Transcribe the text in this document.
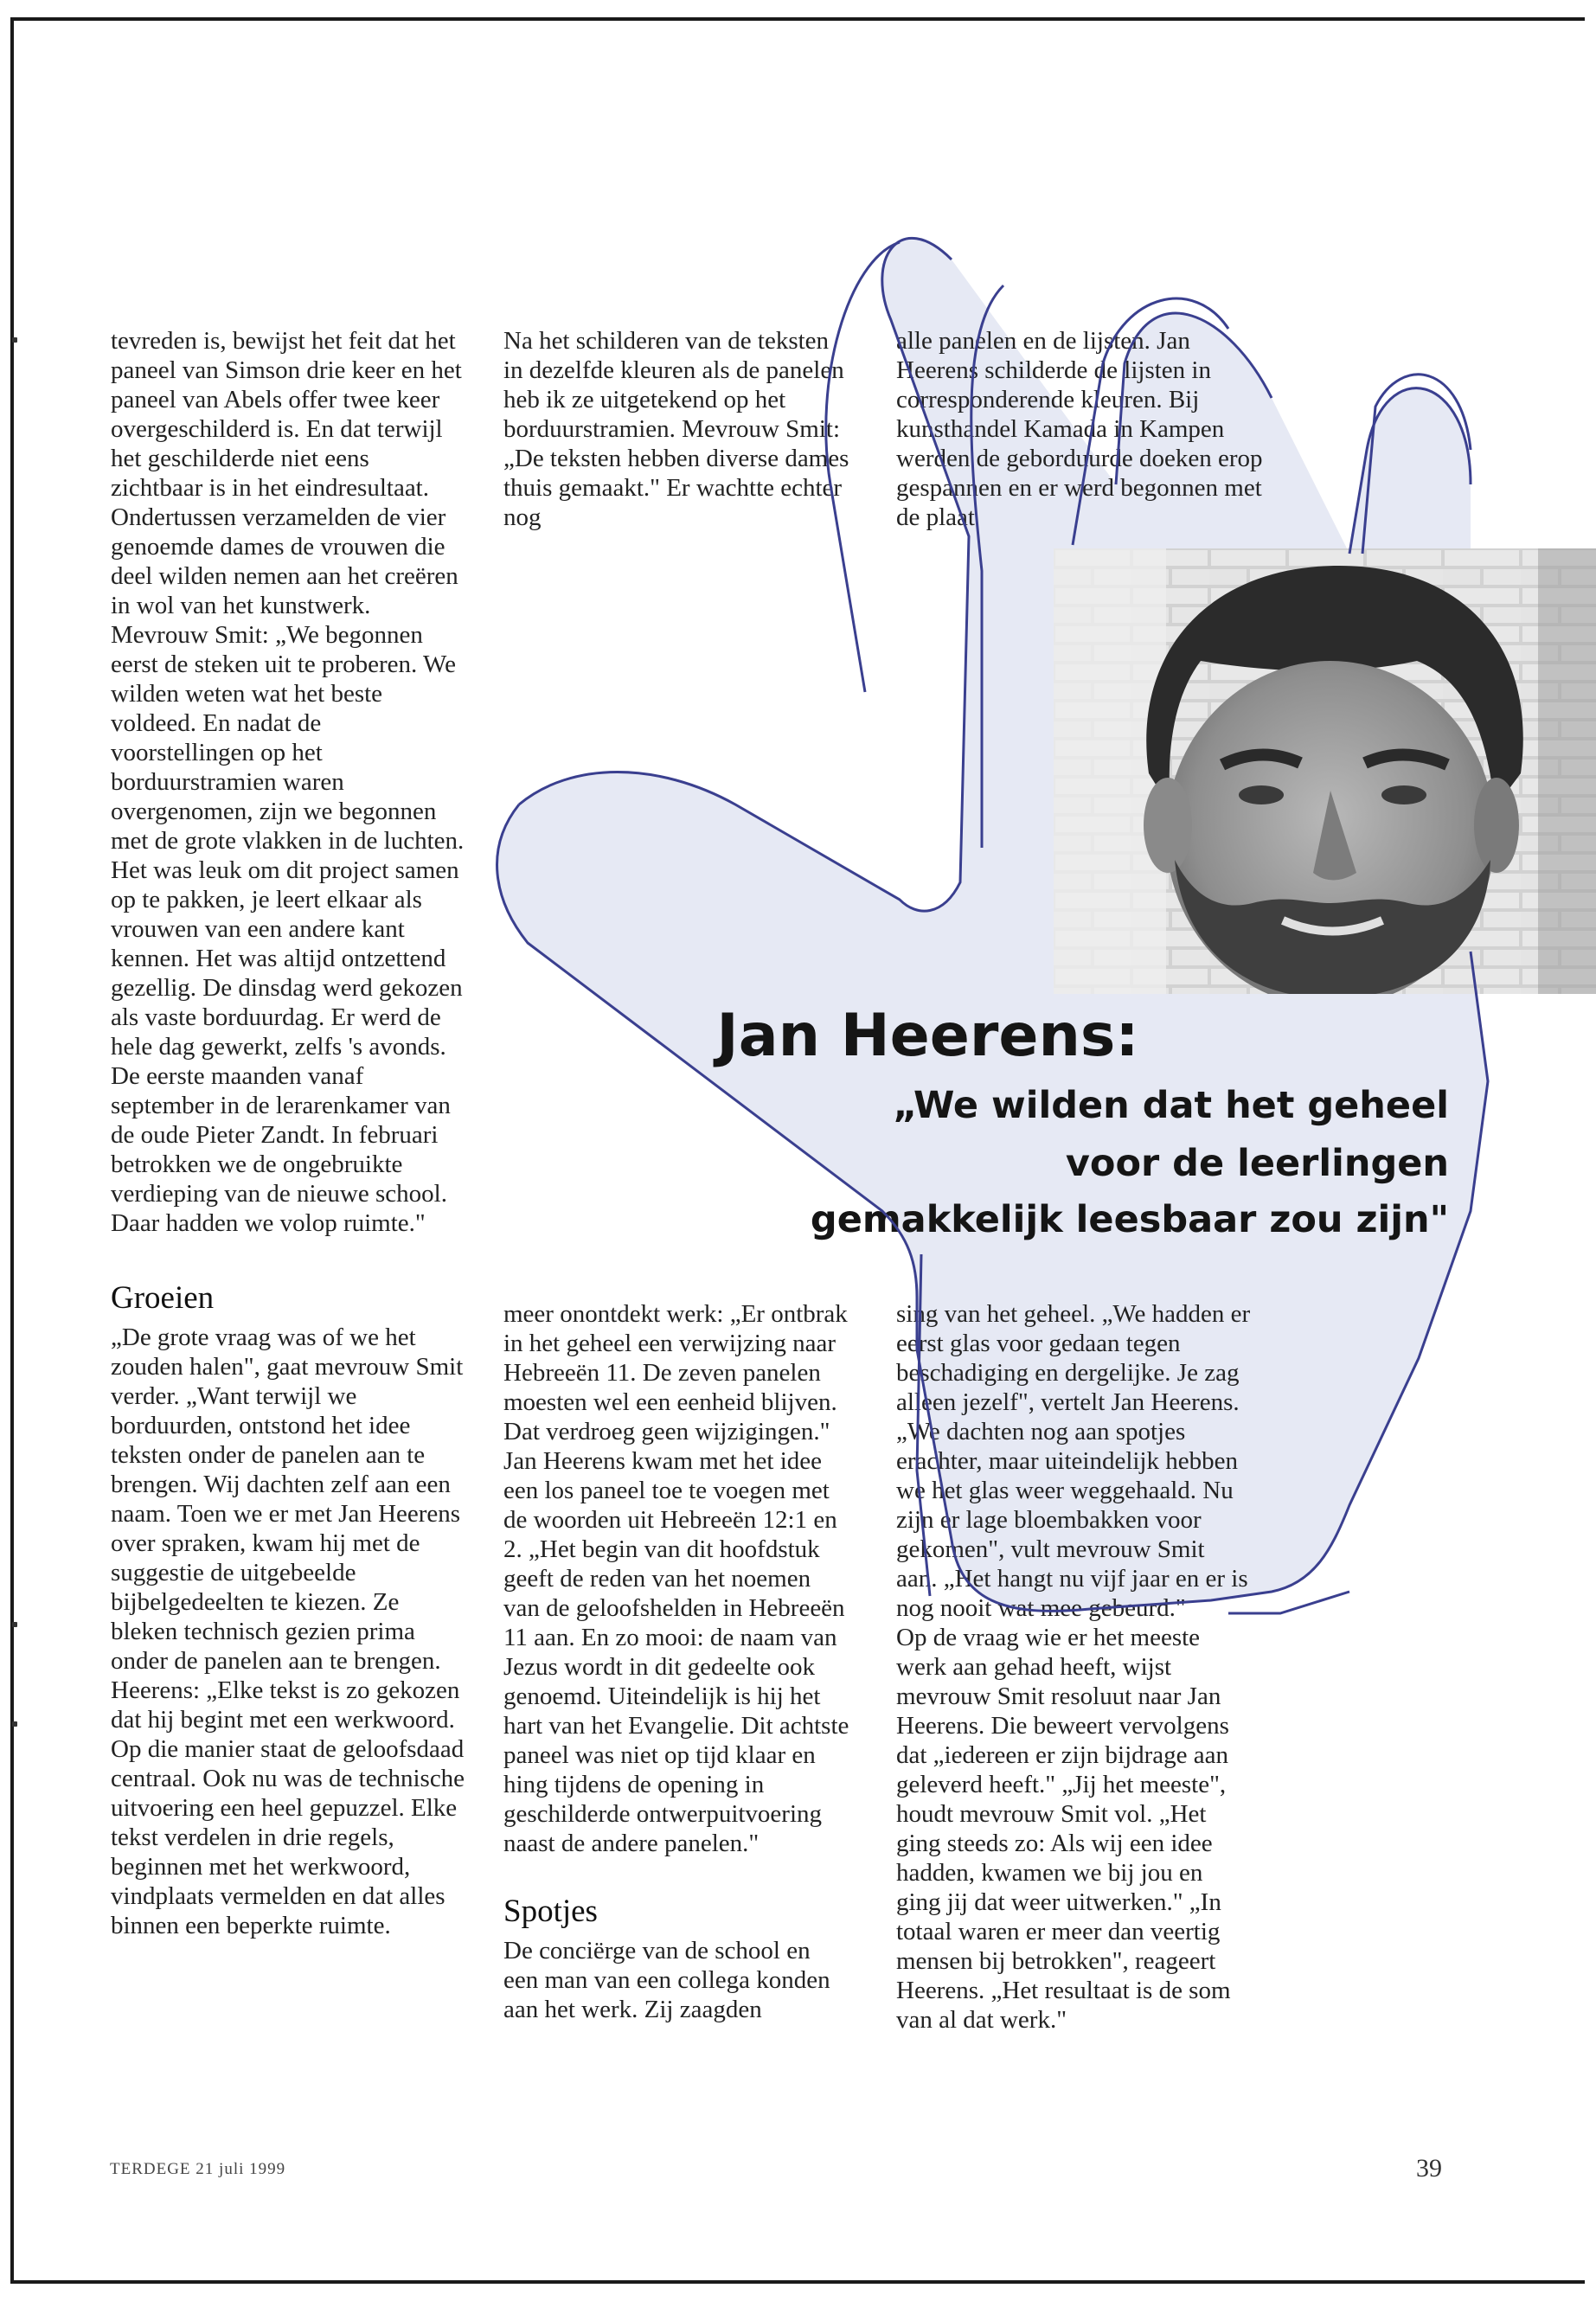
tevreden is, bewijst het feit dat het paneel van Simson drie keer en het paneel van Abels offer twee keer overgeschilderd is. En dat terwijl het geschilderde niet eens zichtbaar is in het eindresultaat.

Ondertussen verzamelden de vier genoemde dames de vrouwen die deel wilden nemen aan het creëren in wol van het kunstwerk. Mevrouw Smit: „We begonnen eerst de steken uit te proberen. We wilden weten wat het beste voldeed. En nadat de voorstellingen op het borduurstramien waren overgenomen, zijn we begonnen met de grote vlakken in de luchten. Het was leuk om dit project samen op te pakken, je leert elkaar als vrouwen van een andere kant kennen. Het was altijd ontzettend gezellig. De dinsdag werd gekozen als vaste borduurdag. Er werd de hele dag gewerkt, zelfs 's avonds. De eerste maanden vanaf september in de lerarenkamer van de oude Pieter Zandt. In februari betrokken we de ongebruikte verdieping van de nieuwe school. Daar hadden we volop ruimte."

Groeien

„De grote vraag was of we het zouden halen", gaat mevrouw Smit verder. „Want terwijl we borduurden, ontstond het idee teksten onder de panelen aan te brengen. Wij dachten zelf aan een naam. Toen we er met Jan Heerens over spraken, kwam hij met de suggestie de uitgebeelde bijbelgedeelten te kiezen. Ze bleken technisch gezien prima onder de panelen aan te brengen.

Heerens: „Elke tekst is zo gekozen dat hij begint met een werkwoord. Op die manier staat de geloofsdaad centraal. Ook nu was de technische uitvoering een heel gepuzzel. Elke tekst verdelen in drie regels, beginnen met het werkwoord, vindplaats vermelden en dat alles binnen een beperkte ruimte.

Na het schilderen van de teksten in dezelfde kleuren als de panelen heb ik ze uitgetekend op het borduurstramien. Mevrouw Smit: „De teksten hebben diverse dames thuis gemaakt." Er wachtte echter nog

alle panelen en de lijsten. Jan Heerens schilderde de lijsten in corresponderende kleuren. Bij kunsthandel Kamada in Kampen werden de geborduurde doeken erop gespannen en er werd begonnen met de plaat

Jan Heerens:
„We wilden dat het geheel
voor de leerlingen
gemakkelijk leesbaar zou zijn"

meer onontdekt werk: „Er ontbrak in het geheel een verwijzing naar Hebreeën 11. De zeven panelen moesten wel een eenheid blijven. Dat verdroeg geen wijzigingen." Jan Heerens kwam met het idee een los paneel toe te voegen met de woorden uit Hebreeën 12:1 en 2. „Het begin van dit hoofdstuk geeft de reden van het noemen van de geloofshelden in Hebreeën 11 aan. En zo mooi: de naam van Jezus wordt in dit gedeelte ook genoemd. Uiteindelijk is hij het hart van het Evangelie. Dit achtste paneel was niet op tijd klaar en hing tijdens de opening in geschilderde ontwerpuitvoering naast de andere panelen."

Spotjes

De conciërge van de school en een man van een collega konden aan het werk. Zij zaagden

sing van het geheel. „We hadden er eerst glas voor gedaan tegen beschadiging en dergelijke. Je zag alleen jezelf", vertelt Jan Heerens. „We dachten nog aan spotjes erachter, maar uiteindelijk hebben we het glas weer weggehaald. Nu zijn er lage bloembakken voor gekomen", vult mevrouw Smit aan. „Het hangt nu vijf jaar en er is nog nooit wat mee gebeurd."

Op de vraag wie er het meeste werk aan gehad heeft, wijst mevrouw Smit resoluut naar Jan Heerens. Die beweert vervolgens dat „iedereen er zijn bijdrage aan geleverd heeft." „Jij het meeste", houdt mevrouw Smit vol. „Het ging steeds zo: Als wij een idee hadden, kwamen we bij jou en ging jij dat weer uitwerken." „In totaal waren er meer dan veertig mensen bij betrokken", reageert Heerens. „Het resultaat is de som van al dat werk."

TERDEGE 21 juli 1999	39
